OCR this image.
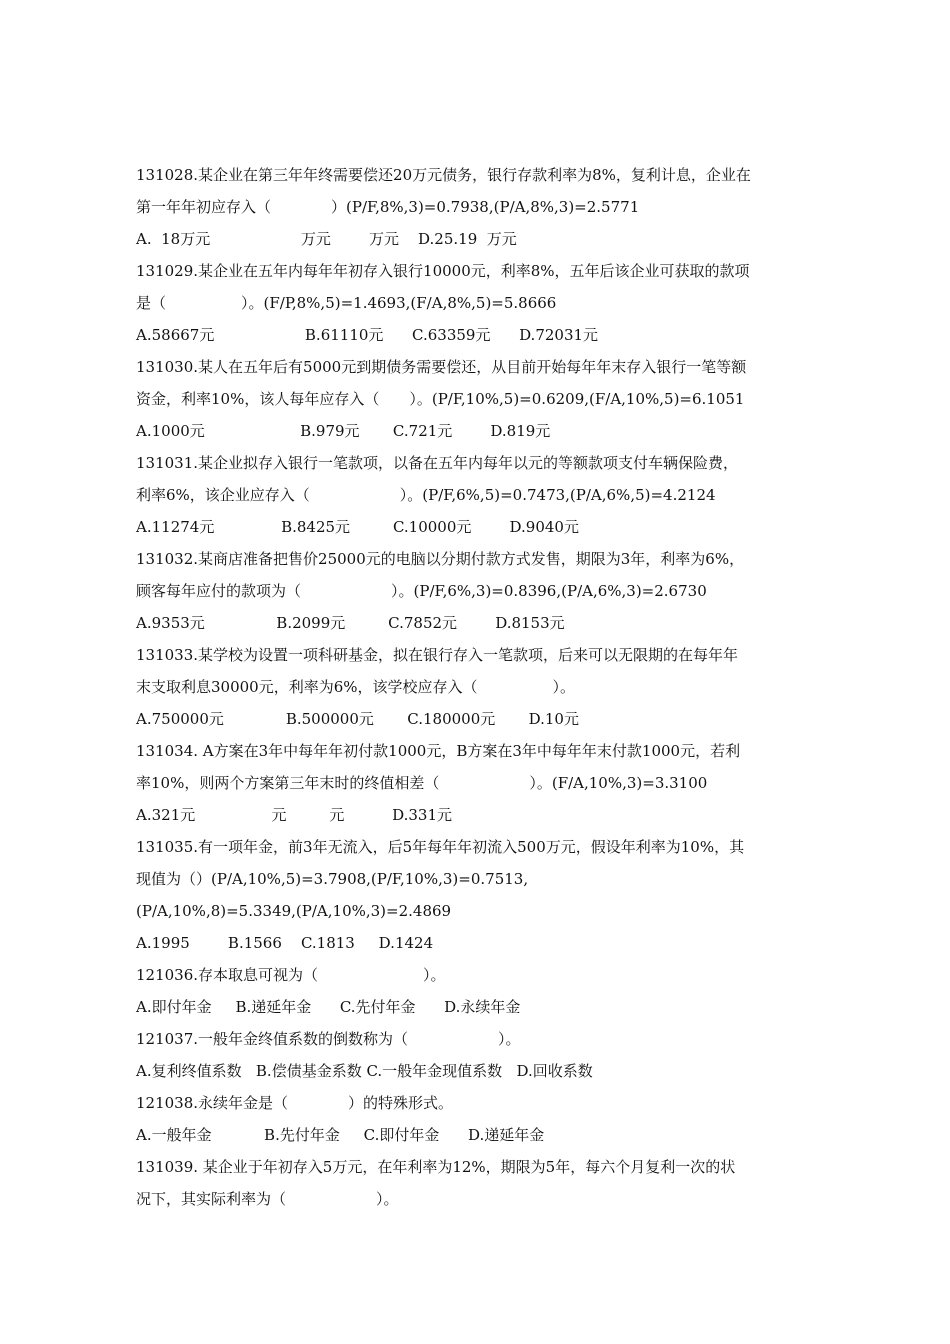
131028.某企业在第三年年终需要偿还20万元债务，银行存款利率为8%，复利计息，企业在
第一年年初应存入（　　　　）(P/F,8%,3)=0.7938,(P/A,8%,3)=2.5771
A.  18万元                   万元        万元    D.25.19  万元
131029.某企业在五年内每年年初存入银行10000元，利率8%，五年后该企业可获取的款项
是（　　　　　）。(F/P,8%,5)=1.4693,(F/A,8%,5)=5.8666
A.58667元                   B.61110元      C.63359元      D.72031元
131030.某人在五年后有5000元到期债务需要偿还，从目前开始每年年末存入银行一笔等额
资金，利率10%，该人每年应存入（　　）。(P/F,10%,5)=0.6209,(F/A,10%,5)=6.1051
A.1000元                    B.979元       C.721元        D.819元
131031.某企业拟存入银行一笔款项，以备在五年内每年以元的等额款项支付车辆保险费，
利率6%，该企业应存入（　　　　　　）。(P/F,6%,5)=0.7473,(P/A,6%,5)=4.2124
A.11274元              B.8425元         C.10000元        D.9040元
131032.某商店准备把售价25000元的电脑以分期付款方式发售，期限为3年，利率为6%，
顾客每年应付的款项为（　　　　　　）。(P/F,6%,3)=0.8396,(P/A,6%,3)=2.6730
A.9353元               B.2099元         C.7852元        D.8153元
131033.某学校为设置一项科研基金，拟在银行存入一笔款项，后来可以无限期的在每年年
末支取利息30000元，利率为6%，该学校应存入（　　　　　）。
A.750000元             B.500000元       C.180000元       D.10元
131034. A方案在3年中每年年初付款1000元，B方案在3年中每年年末付款1000元，若利
率10%，则两个方案第三年末时的终值相差（　　　　　　）。(F/A,10%,3)=3.3100
A.321元                元         元          D.331元
131035.有一项年金，前3年无流入，后5年每年年初流入500万元，假设年利率为10%，其
现值为（）(P/A,10%,5)=3.7908,(P/F,10%,3)=0.7513,
(P/A,10%,8)=5.3349,(P/A,10%,3)=2.4869
A.1995        B.1566    C.1813     D.1424
121036.存本取息可视为（　　　　　　　）。
A.即付年金     B.递延年金      C.先付年金      D.永续年金
121037.一般年金终值系数的倒数称为（　　　　　　）。
A.复利终值系数   B.偿债基金系数 C.一般年金现值系数   D.回收系数
121038.永续年金是（　　　　）的特殊形式。
A.一般年金           B.先付年金     C.即付年金      D.递延年金
131039. 某企业于年初存入5万元，在年利率为12%，期限为5年，每六个月复利一次的状
况下，其实际利率为（　　　　　　）。
